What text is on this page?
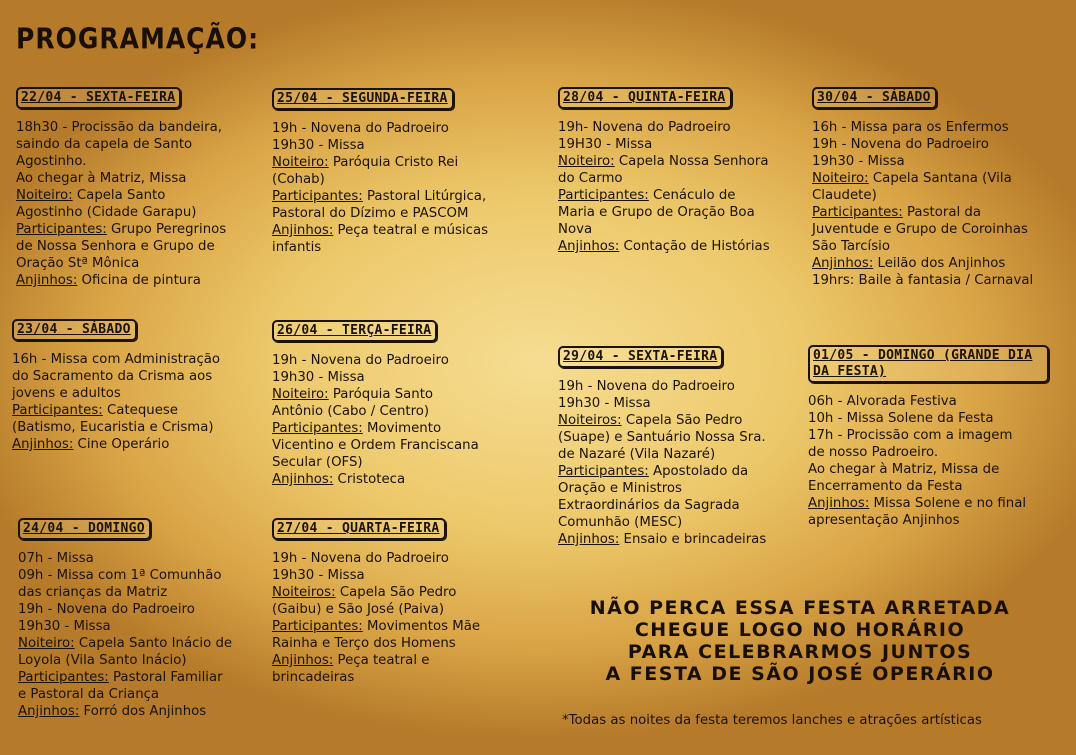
PROGRAMAÇÃO:
22/04 - SEXTA-FEIRA
18h30 - Procissão da bandeira,
saindo da capela de Santo
Agostinho.
Ao chegar à Matriz, Missa
Noiteiro: Capela Santo
Agostinho (Cidade Garapu)
Participantes: Grupo Peregrinos
de Nossa Senhora e Grupo de
Oração Stª Mônica
Anjinhos: Oficina de pintura
23/04 - SÁBADO
16h - Missa com Administração
do Sacramento da Crisma aos
jovens e adultos
Participantes: Catequese
(Batismo, Eucaristia e Crisma)
Anjinhos: Cine Operário
24/04 - DOMINGO
07h - Missa
09h - Missa com 1ª Comunhão
das crianças da Matriz
19h - Novena do Padroeiro
19h30 - Missa
Noiteiro: Capela Santo Inácio de
Loyola (Vila Santo Inácio)
Participantes: Pastoral Familiar
e Pastoral da Criança
Anjinhos: Forró dos Anjinhos
25/04 - SEGUNDA-FEIRA
19h - Novena do Padroeiro
19h30 - Missa
Noiteiro: Paróquia Cristo Rei
(Cohab)
Participantes: Pastoral Litúrgica,
Pastoral do Dízimo e PASCOM
Anjinhos: Peça teatral e músicas
infantis
26/04 - TERÇA-FEIRA
19h - Novena do Padroeiro
19h30 - Missa
Noiteiro: Paróquia Santo
Antônio (Cabo / Centro)
Participantes: Movimento
Vicentino e Ordem Franciscana
Secular (OFS)
Anjinhos: Cristoteca
27/04 - QUARTA-FEIRA
19h - Novena do Padroeiro
19h30 - Missa
Noiteiros: Capela São Pedro
(Gaibu) e São José (Paiva)
Participantes: Movimentos Mãe
Rainha e Terço dos Homens
Anjinhos: Peça teatral e
brincadeiras
28/04 - QUINTA-FEIRA
19h- Novena do Padroeiro
19H30 - Missa
Noiteiro: Capela Nossa Senhora
do Carmo
Participantes: Cenáculo de
Maria e Grupo de Oração Boa
Nova
Anjinhos: Contação de Histórias
29/04 - SEXTA-FEIRA
19h - Novena do Padroeiro
19h30 - Missa
Noiteiros: Capela São Pedro
(Suape) e Santuário Nossa Sra.
de Nazaré (Vila Nazaré)
Participantes: Apostolado da
Oração e Ministros
Extraordinários da Sagrada
Comunhão (MESC)
Anjinhos: Ensaio e brincadeiras
30/04 - SÁBADO
16h - Missa para os Enfermos
19h - Novena do Padroeiro
19h30 - Missa
Noiteiro: Capela Santana (Vila
Claudete)
Participantes: Pastoral da
Juventude e Grupo de Coroinhas
São Tarcísio
Anjinhos: Leilão dos Anjinhos
19hrs: Baile à fantasia / Carnaval
01/05 - DOMINGO (GRANDE DIA DA FESTA)
06h - Alvorada Festiva
10h - Missa Solene da Festa
17h - Procissão com a imagem
de nosso Padroeiro.
Ao chegar à Matriz, Missa de
Encerramento da Festa
Anjinhos: Missa Solene e no final
apresentação Anjinhos
NÃO PERCA ESSA FESTA ARRETADA
CHEGUE LOGO NO HORÁRIO
PARA CELEBRARMOS JUNTOS
A FESTA DE SÃO JOSÉ OPERÁRIO
*Todas as noites da festa teremos lanches e atrações artísticas
